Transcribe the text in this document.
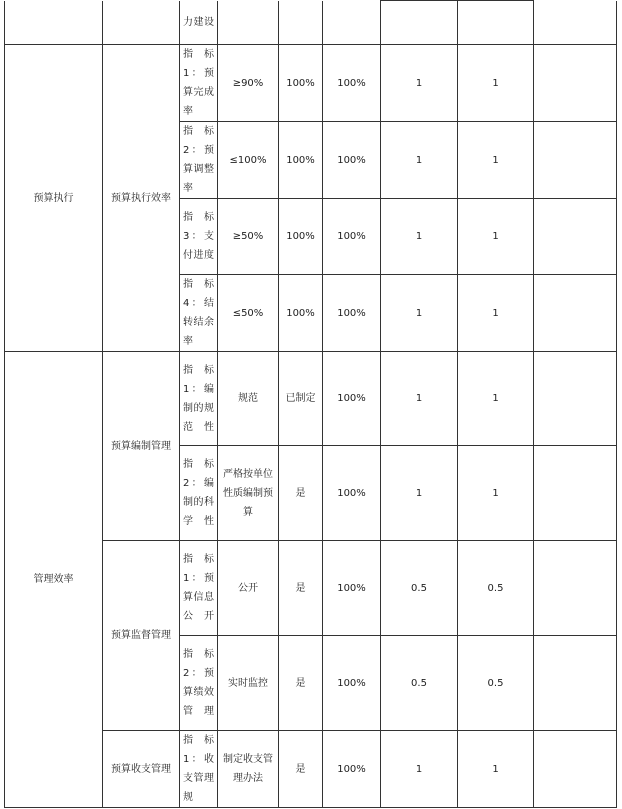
		力建设						
预算执行	预算执行效率	指标1：预算完成率	≥90%	100%	100%	1	1	
		指标2：预算调整率	≤100%	100%	100%	1	1	
		指标3：支付进度	≥50%	100%	100%	1	1	
		指标4：结转结余率	≤50%	100%	100%	1	1	
管理效率	预算编制管理	指标1：编制的规范性	规范	已制定	100%	1	1	
		指标2：编制的科学性	严格按单位性质编制预算	是	100%	1	1	
	预算监督管理	指标1：预算信息公开	公开	是	100%	0.5	0.5	
		指标2：预算绩效管理	实时监控	是	100%	0.5	0.5	
	预算收支管理	指标1：收支管理规	制定收支管理办法	是	100%	1	1	
